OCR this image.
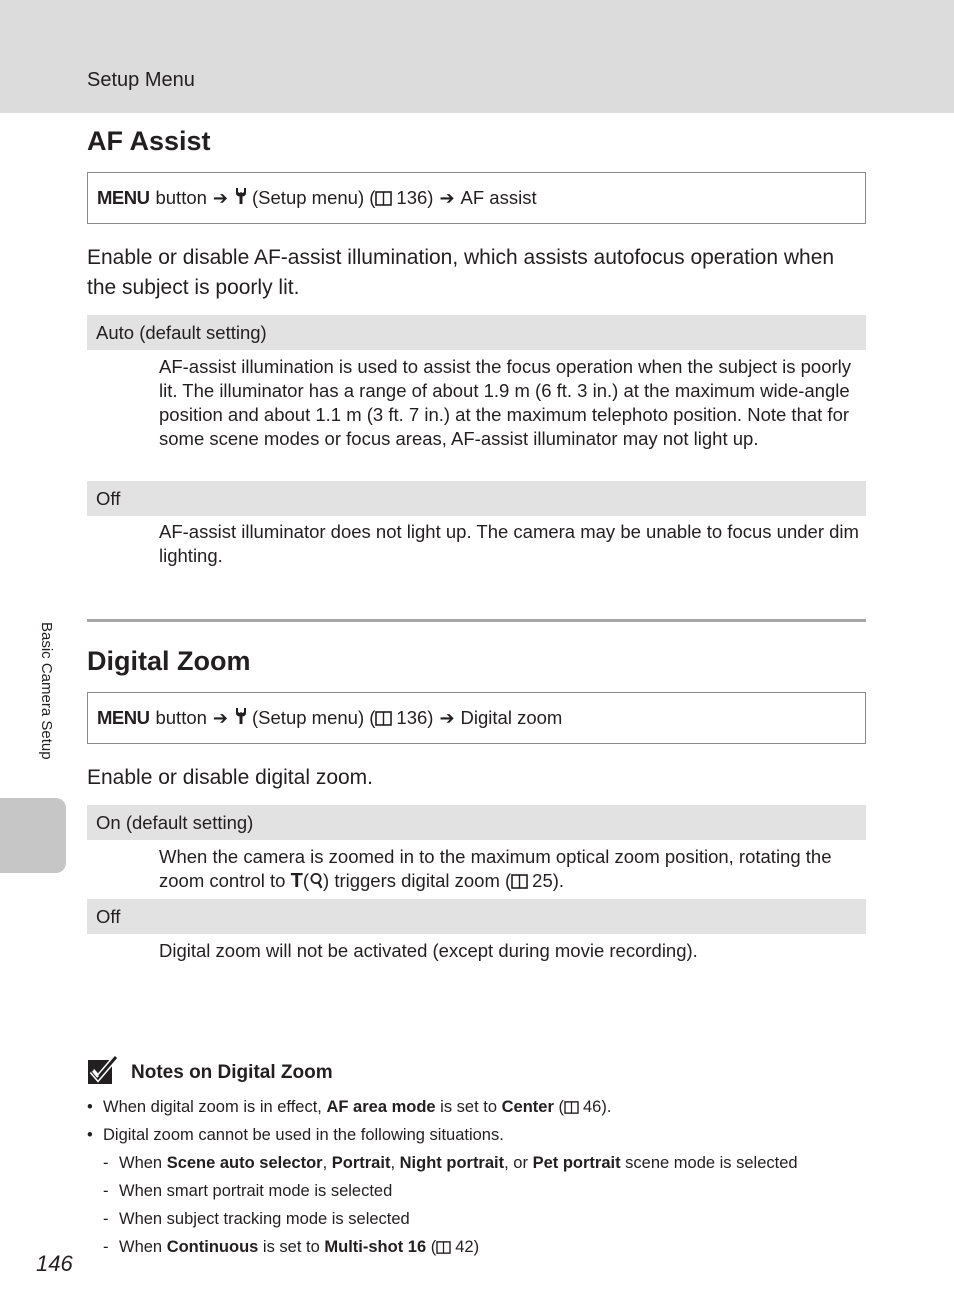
Setup Menu
Basic Camera Setup
AF Assist
MENU button ➔ (Setup menu) ( 136) ➔ AF assist
Enable or disable AF-assist illumination, which assists autofocus operation when the subject is poorly lit.
Auto (default setting)
AF-assist illumination is used to assist the focus operation when the subject is poorly lit. The illuminator has a range of about 1.9 m (6 ft. 3 in.) at the maximum wide-angle position and about 1.1 m (3 ft. 7 in.) at the maximum telephoto position. Note that for some scene modes or focus areas, AF-assist illuminator may not light up.
Off
AF-assist illuminator does not light up. The camera may be unable to focus under dim lighting.
Digital Zoom
MENU button ➔ (Setup menu) ( 136) ➔ Digital zoom
Enable or disable digital zoom.
On (default setting)
When the camera is zoomed in to the maximum optical zoom position, rotating the zoom control to T( ) triggers digital zoom ( 25).
Off
Digital zoom will not be activated (except during movie recording).
Notes on Digital Zoom
• When digital zoom is in effect, AF area mode is set to Center ( 46).
• Digital zoom cannot be used in the following situations.
- When Scene auto selector, Portrait, Night portrait, or Pet portrait scene mode is selected
- When smart portrait mode is selected
- When subject tracking mode is selected
- When Continuous is set to Multi-shot 16 ( 42)
146
